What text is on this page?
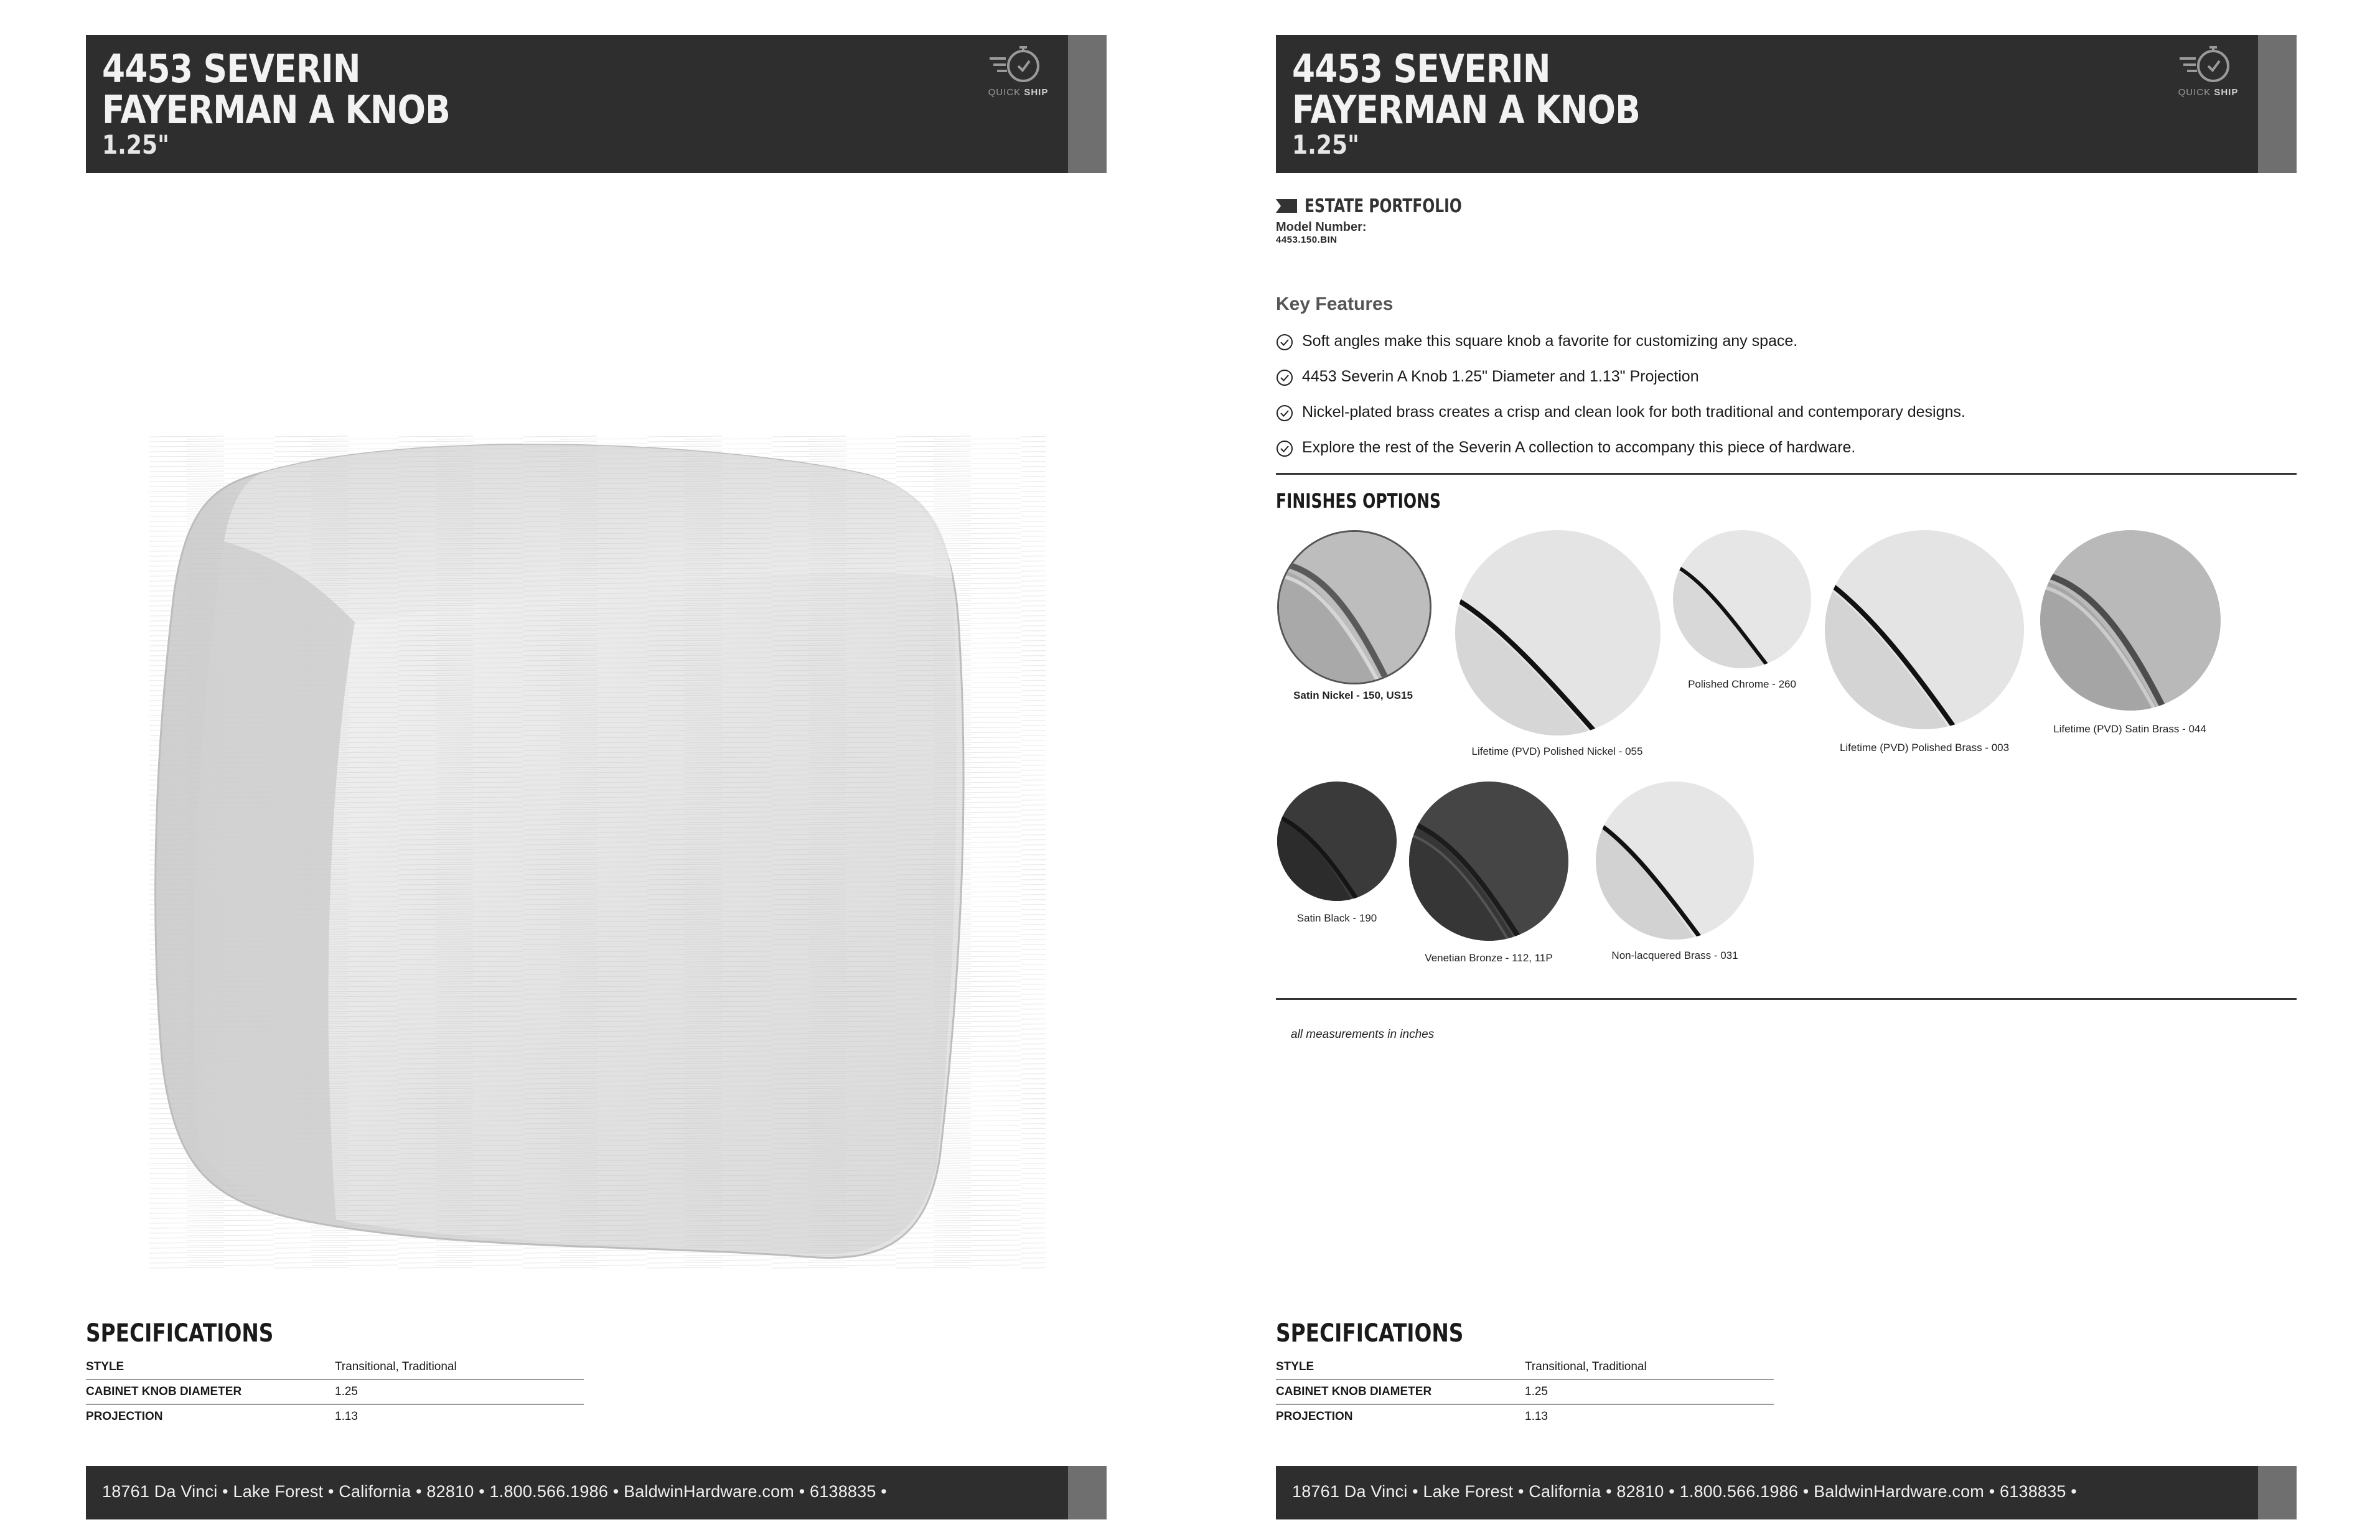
4453 SEVERIN
FAYERMAN A KNOB
1.25"
QUICK SHIP
SPECIFICATIONS
STYLE	Transitional, Traditional
CABINET KNOB DIAMETER	1.25
PROJECTION	1.13
18761 Da Vinci • Lake Forest • California • 82810 • 1.800.566.1986 • BaldwinHardware.com • 6138835 •
4453 SEVERIN
FAYERMAN A KNOB
1.25"
QUICK SHIP
ESTATE PORTFOLIO
Model Number:
4453.150.BIN
Key Features
Soft angles make this square knob a favorite for customizing any space.
4453 Severin A Knob 1.25" Diameter and 1.13" Projection
Nickel-plated brass creates a crisp and clean look for both traditional and contemporary designs.
Explore the rest of the Severin A collection to accompany this piece of hardware.
FINISHES OPTIONS
Satin Nickel - 150, US15
Lifetime (PVD) Polished Nickel - 055
Polished Chrome - 260
Lifetime (PVD) Polished Brass - 003
Lifetime (PVD) Satin Brass - 044
Satin Black - 190
Venetian Bronze - 112, 11P	Non-lacquered Brass - 031
all measurements in inches
SPECIFICATIONS
STYLE	Transitional, Traditional
CABINET KNOB DIAMETER	1.25
PROJECTION	1.13
18761 Da Vinci • Lake Forest • California • 82810 • 1.800.566.1986 • BaldwinHardware.com • 6138835 •
